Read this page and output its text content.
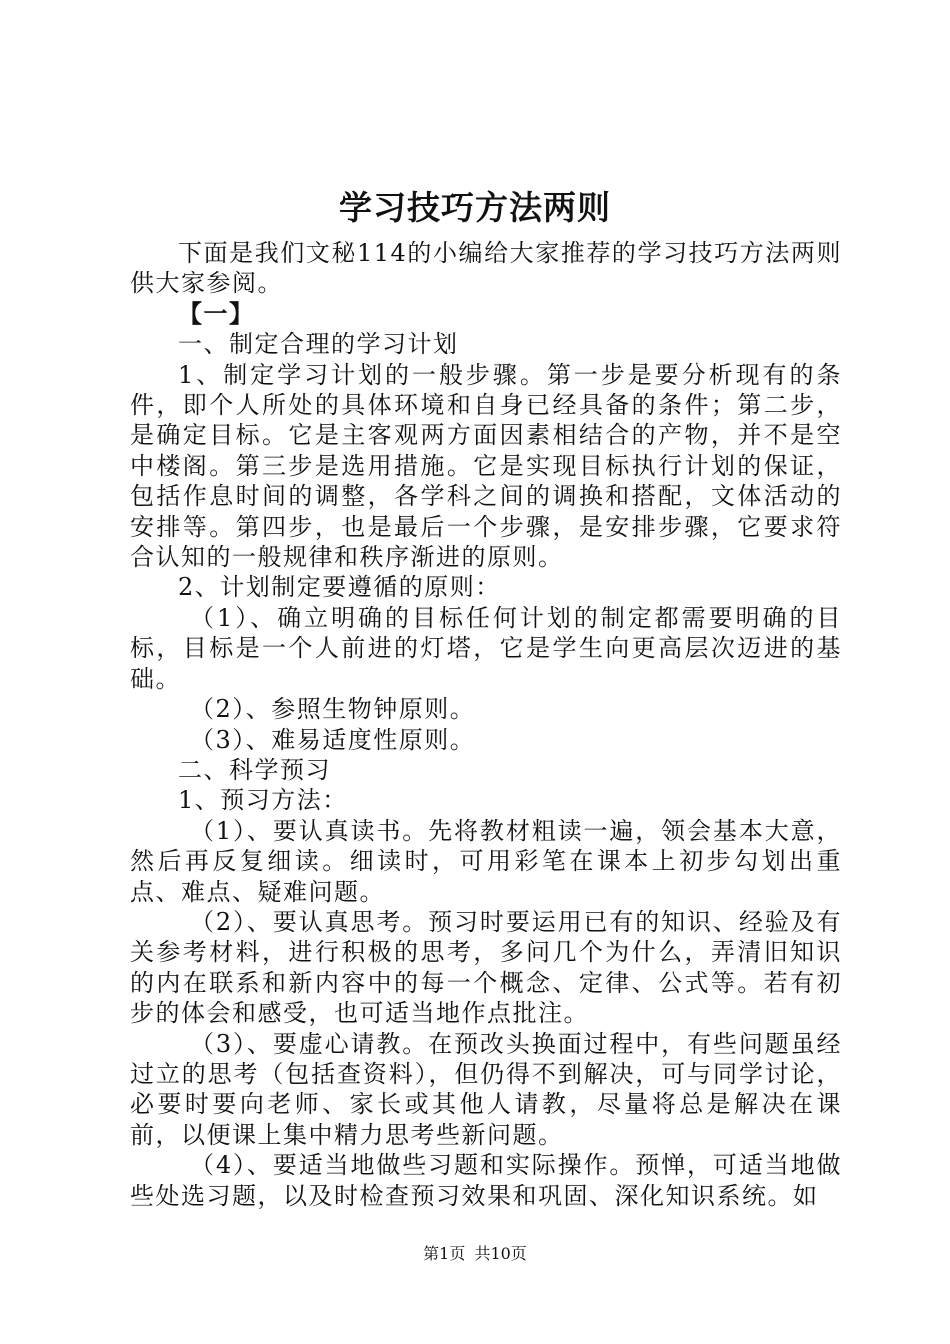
学习技巧方法两则

下面是我们文秘114的小编给大家推荐的学习技巧方法两则供大家参阅。

【一】

一、制定合理的学习计划

1、制定学习计划的一般步骤。第一步是要分析现有的条件，即个人所处的具体环境和自身已经具备的条件；第二步，是确定目标。它是主客观两方面因素相结合的产物，并不是空中楼阁。第三步是选用措施。它是实现目标执行计划的保证，包括作息时间的调整，各学科之间的调换和搭配，文体活动的安排等。第四步，也是最后一个步骤，是安排步骤，它要求符合认知的一般规律和秩序渐进的原则。

2、计划制定要遵循的原则：

（1）、确立明确的目标任何计划的制定都需要明确的目标，目标是一个人前进的灯塔，它是学生向更高层次迈进的基础。

（2）、参照生物钟原则。

（3）、难易适度性原则。

二、科学预习

1、预习方法：

（1）、要认真读书。先将教材粗读一遍，领会基本大意，然后再反复细读。细读时，可用彩笔在课本上初步勾划出重点、难点、疑难问题。

（2）、要认真思考。预习时要运用已有的知识、经验及有关参考材料，进行积极的思考，多问几个为什么，弄清旧知识的内在联系和新内容中的每一个概念、定律、公式等。若有初步的体会和感受，也可适当地作点批注。

（3）、要虚心请教。在预改头换面过程中，有些问题虽经过立的思考（包括查资料），但仍得不到解决，可与同学讨论，必要时要向老师、家长或其他人请教，尽量将总是解决在课前，以便课上集中精力思考些新问题。

（4）、要适当地做些习题和实际操作。预惮，可适当地做些处选习题，以及时检查预习效果和巩固、深化知识系统。如

第1页 共10页
